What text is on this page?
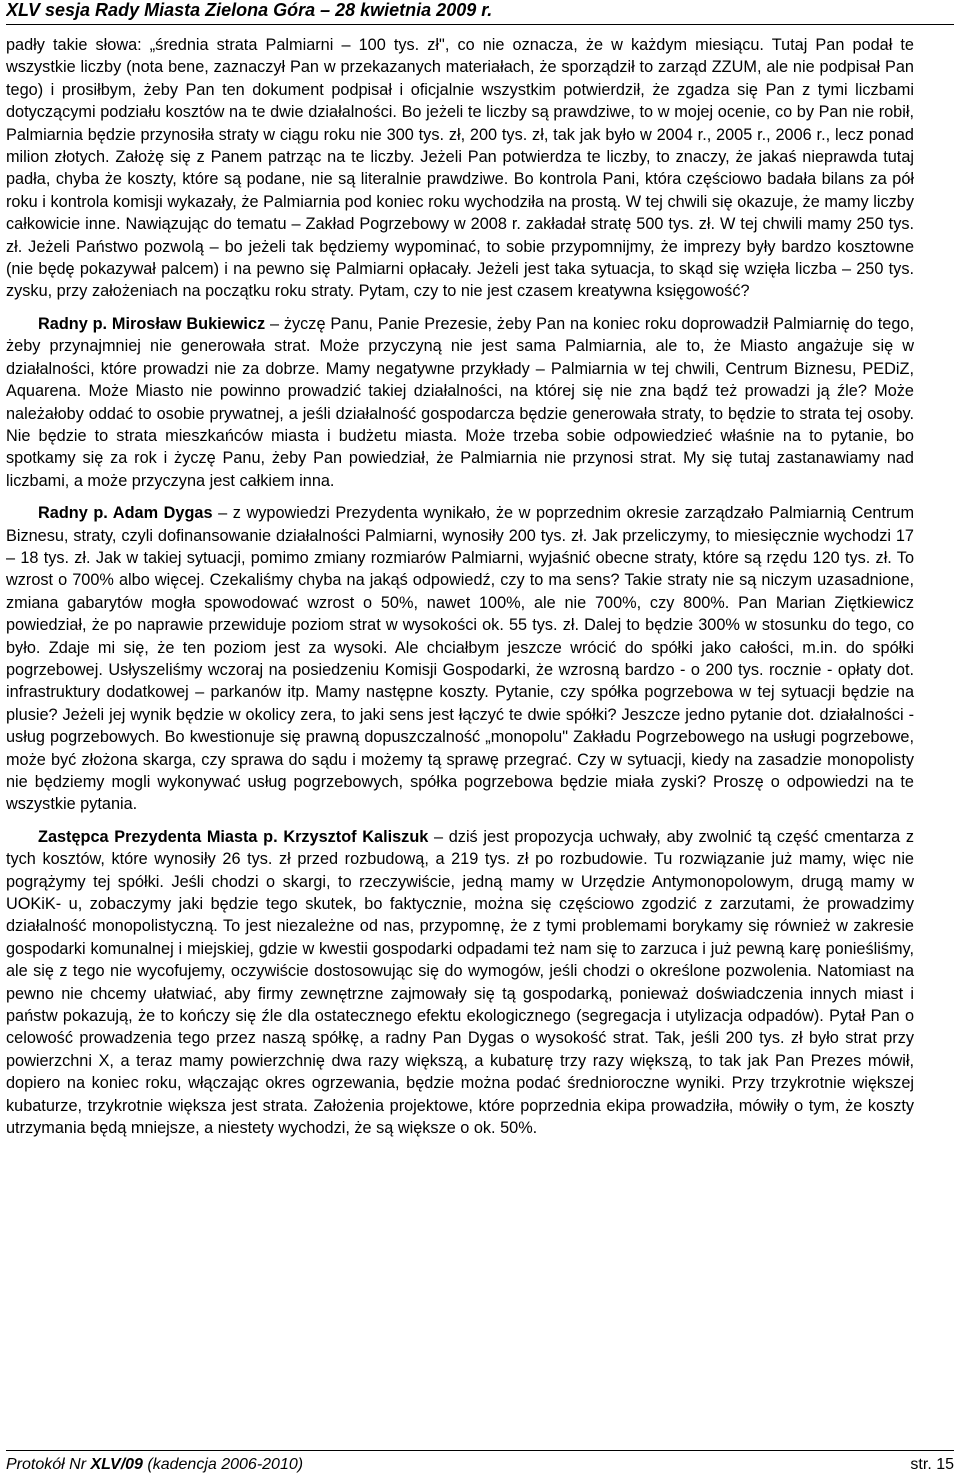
XLV sesja Rady Miasta Zielona Góra – 28 kwietnia 2009 r.

padły takie słowa: „średnia strata Palmiarni – 100 tys. zł", co nie oznacza, że w każdym miesiącu. Tutaj Pan podał te wszystkie liczby (nota bene, zaznaczył Pan w przekazanych materiałach, że sporządził to zarząd ZZUM, ale nie podpisał Pan tego) i prosiłbym, żeby Pan ten dokument podpisał i oficjalnie wszystkim potwierdził, że zgadza się Pan z tymi liczbami dotyczącymi podziału kosztów na te dwie działalności. Bo jeżeli te liczby są prawdziwe, to w mojej ocenie, co by Pan nie robił, Palmiarnia będzie przynosiła straty w ciągu roku nie 300 tys. zł, 200 tys. zł, tak jak było w 2004 r., 2005 r., 2006 r., lecz ponad milion złotych. Założę się z Panem patrząc na te liczby. Jeżeli Pan potwierdza te liczby, to znaczy, że jakaś nieprawda tutaj padła, chyba że koszty, które są podane, nie są literalnie prawdziwe. Bo kontrola Pani, która częściowo badała bilans za pół roku i kontrola komisji wykazały, że Palmiarnia pod koniec roku wychodziła na prostą. W tej chwili się okazuje, że mamy liczby całkowicie inne. Nawiązując do tematu – Zakład Pogrzebowy w 2008 r. zakładał stratę 500 tys. zł. W tej chwili mamy 250 tys. zł. Jeżeli Państwo pozwolą – bo jeżeli tak będziemy wypominać, to sobie przypomnijmy, że imprezy były bardzo kosztowne (nie będę pokazywał palcem) i na pewno się Palmiarni opłacały. Jeżeli jest taka sytuacja, to skąd się wzięła liczba – 250 tys. zysku, przy założeniach na początku roku straty. Pytam, czy to nie jest czasem kreatywna księgowość?

Radny p. Mirosław Bukiewicz – życzę Panu, Panie Prezesie, żeby Pan na koniec roku doprowadził Palmiarnię do tego, żeby przynajmniej nie generowała strat. Może przyczyną nie jest sama Palmiarnia, ale to, że Miasto angażuje się w działalności, które prowadzi nie za dobrze. Mamy negatywne przykłady – Palmiarnia w tej chwili, Centrum Biznesu, PEDiZ, Aquarena. Może Miasto nie powinno prowadzić takiej działalności, na której się nie zna bądź też prowadzi ją źle? Może należałoby oddać to osobie prywatnej, a jeśli działalność gospodarcza będzie generowała straty, to będzie to strata tej osoby. Nie będzie to strata mieszkańców miasta i budżetu miasta. Może trzeba sobie odpowiedzieć właśnie na to pytanie, bo spotkamy się za rok i życzę Panu, żeby Pan powiedział, że Palmiarnia nie przynosi strat. My się tutaj zastanawiamy nad liczbami, a może przyczyna jest całkiem inna.

Radny p. Adam Dygas – z wypowiedzi Prezydenta wynikało, że w poprzednim okresie zarządzało Palmiarnią Centrum Biznesu, straty, czyli dofinansowanie działalności Palmiarni, wynosiły 200 tys. zł. Jak przeliczymy, to miesięcznie wychodzi 17 – 18 tys. zł. Jak w takiej sytuacji, pomimo zmiany rozmiarów Palmiarni, wyjaśnić obecne straty, które są rzędu 120 tys. zł. To wzrost o 700% albo więcej. Czekaliśmy chyba na jakąś odpowiedź, czy to ma sens? Takie straty nie są niczym uzasadnione, zmiana gabarytów mogła spowodować wzrost o 50%, nawet 100%, ale nie 700%, czy 800%. Pan Marian Ziętkiewicz powiedział, że po naprawie przewiduje poziom strat w wysokości ok. 55 tys. zł. Dalej to będzie 300% w stosunku do tego, co było. Zdaje mi się, że ten poziom jest za wysoki. Ale chciałbym jeszcze wrócić do spółki jako całości, m.in. do spółki pogrzebowej. Usłyszeliśmy wczoraj na posiedzeniu Komisji Gospodarki, że wzrosną bardzo - o 200 tys. rocznie - opłaty dot. infrastruktury dodatkowej – parkanów itp. Mamy następne koszty. Pytanie, czy spółka pogrzebowa w tej sytuacji będzie na plusie? Jeżeli jej wynik będzie w okolicy zera, to jaki sens jest łączyć te dwie spółki? Jeszcze jedno pytanie dot. działalności - usług pogrzebowych. Bo kwestionuje się prawną dopuszczalność „monopolu" Zakładu Pogrzebowego na usługi pogrzebowe, może być złożona skarga, czy sprawa do sądu i możemy tą sprawę przegrać. Czy w sytuacji, kiedy na zasadzie monopolisty nie będziemy mogli wykonywać usług pogrzebowych, spółka pogrzebowa będzie miała zyski? Proszę o odpowiedzi na te wszystkie pytania.

Zastępca Prezydenta Miasta p. Krzysztof Kaliszuk – dziś jest propozycja uchwały, aby zwolnić tą część cmentarza z tych kosztów, które wynosiły 26 tys. zł przed rozbudową, a 219 tys. zł po rozbudowie. Tu rozwiązanie już mamy, więc nie pogrążymy tej spółki. Jeśli chodzi o skargi, to rzeczywiście, jedną mamy w Urzędzie Antymonopolowym, drugą mamy w UOKiK- u, zobaczymy jaki będzie tego skutek, bo faktycznie, można się częściowo zgodzić z zarzutami, że prowadzimy działalność monopolistyczną. To jest niezależne od nas, przypomnę, że z tymi problemami borykamy się również w zakresie gospodarki komunalnej i miejskiej, gdzie w kwestii gospodarki odpadami też nam się to zarzuca i już pewną karę ponieśliśmy, ale się z tego nie wycofujemy, oczywiście dostosowując się do wymogów, jeśli chodzi o określone pozwolenia. Natomiast na pewno nie chcemy ułatwiać, aby firmy zewnętrzne zajmowały się tą gospodarką, ponieważ doświadczenia innych miast i państw pokazują, że to kończy się źle dla ostatecznego efektu ekologicznego (segregacja i utylizacja odpadów). Pytał Pan o celowość prowadzenia tego przez naszą spółkę, a radny Pan Dygas o wysokość strat. Tak, jeśli 200 tys. zł było strat przy powierzchni X, a teraz mamy powierzchnię dwa razy większą, a kubaturę trzy razy większą, to tak jak Pan Prezes mówił, dopiero na koniec roku, włączając okres ogrzewania, będzie można podać średnioroczne wyniki. Przy trzykrotnie większej kubaturze, trzykrotnie większa jest strata. Założenia projektowe, które poprzednia ekipa prowadziła, mówiły o tym, że koszty utrzymania będą mniejsze, a niestety wychodzi, że są większe o ok. 50%.

Protokół Nr XLV/09 (kadencja 2006-2010)	str. 15
